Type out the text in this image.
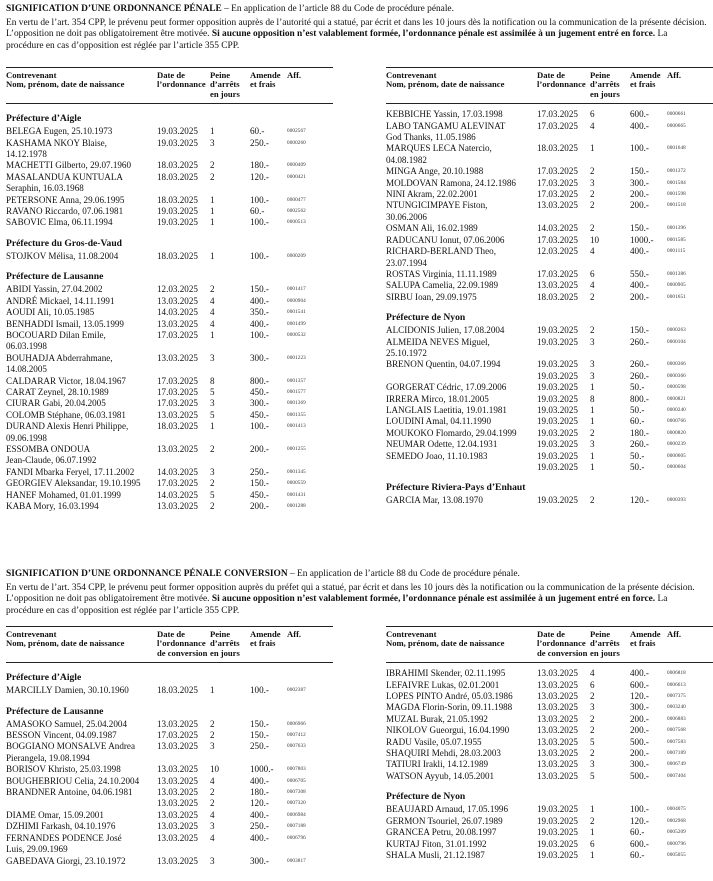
SIGNIFICATION D’UNE ORDONNANCE PÉNALE – En application de l’article 88 du Code de procédure pénale.

En vertu de l’art. 354 CPP, le prévenu peut former opposition auprès de l’autorité qui a statué, par écrit et dans les 10 jours dès la notification ou la communication de la présente décision. L’opposition ne doit pas obligatoirement être motivée. Si aucune opposition n’est valablement formée, l’ordonnance pénale est assimilée à un jugement entré en force. La procédure en cas d’opposition est réglée par l’article 355 CPP.

Contrevenant
Nom, prénom, date de naissance
Date de
l’ordonnance
Peine
d’arrêts
en jours
Amende
et frais
Aff.
Préfecture d’Aigle
BELEGA Eugen, 25.10.1973	19.03.2025	1	60.-	0002567
KASHAMA NKOY Blaise,
14.12.1978
19.03.2025	3	250.-	0000260
MACHETTI Gilberto, 29.07.1960	18.03.2025	2	180.-	0000409
MASALANDUA KUNTUALA
Seraphin, 16.03.1968
18.03.2025	2	120.-	0000421
PETERSONE Anna, 29.06.1995	18.03.2025	1	100.-	0000477
RAVANO Riccardo, 07.06.1981	19.03.2025	1	60.-	0002562
SABOVIC Elma, 06.11.1994	19.03.2025	1	100.-	0000513
Préfecture du Gros-de-Vaud
STOJKOV Mélisa, 11.08.2004	18.03.2025	1	100.-	0000209
Préfecture de Lausanne
ABIDI Yassin, 27.04.2002	12.03.2025	2	150.-	0001417
ANDRÉ Mickael, 14.11.1991	13.03.2025	4	400.-	0000904
AOUDI Ali, 10.05.1985	14.03.2025	4	350.-	0001541
BENHADDI Ismail, 13.05.1999	13.03.2025	4	400.-	0001499
BOCOUARD Dilan Emile,
06.03.1998
17.03.2025	1	100.-	0000532
BOUHADJA Abderrahmane,
14.08.2005
13.03.2025	3	300.-	0001223
CALDARAR Victor, 18.04.1967	17.03.2025	8	800.-	0001357
CARAT Zeynel, 28.10.1989	17.03.2025	5	450.-	0001577
CIURAR Gabi, 20.04.2005	17.03.2025	3	300.-	0001369
COLOMB Stéphane, 06.03.1981	13.03.2025	5	450.-	0001355
DURAND Alexis Henri Philippe,
09.06.1998
18.03.2025	1	100.-	0001413
ESSOMBA ONDOUA
Jean-Claude, 06.07.1992
13.03.2025	2	200.-	0001255
FANDI Mbarka Feryel, 17.11.2002	14.03.2025	3	250.-	0001345
GEORGIEV Aleksandar, 19.10.1995	17.03.2025	2	150.-	0000559
HANEF Mohamed, 01.01.1999	14.03.2025	5	450.-	0001431
KABA Mory, 16.03.1994	13.03.2025	2	200.-	0001288
Contrevenant
Nom, prénom, date de naissance
Date de
l’ordonnance
Peine
d’arrêts
en jours
Amende
et frais
Aff.
KEBBICHE Yassin, 17.03.1998	17.03.2025	6	600.-	0000661
LABO TANGAMU ALEVINAT
God Thanks, 11.05.1986
17.03.2025	4	400.-	0000665
MARQUES LECA Natercio,
04.08.1982
18.03.2025	1	100.-	0001648
MINGA Ange, 20.10.1988	17.03.2025	2	150.-	0001372
MOLDOVAN Ramona, 24.12.1986	17.03.2025	3	300.-	0001584
NINI Akram, 22.02.2001	17.03.2025	2	200.-	0001598
NTUNGICIMPAYE Fiston,
30.06.2006
13.03.2025	2	200.-	0001518
OSMAN Ali, 16.02.1989	14.03.2025	2	150.-	0001396
RADUCANU Ionut, 07.06.2006	17.03.2025	10	1000.-	0001585
RICHARD-BERLAND Theo,
23.07.1994
12.03.2025	4	400.-	0001115
ROSTAS Virginia, 11.11.1989	17.03.2025	6	550.-	0001386
SALUPA Camelia, 22.09.1989	13.03.2025	4	400.-	0000905
SIRBU Ioan, 29.09.1975	18.03.2025	2	200.-	0001651
Préfecture de Nyon
ALCIDONIS Julien, 17.08.2004	19.03.2025	2	150.-	0000263
ALMEIDA NEVES Miguel,
25.10.1972
19.03.2025	3	260.-	0000104
BRENON Quentin, 04.07.1994	19.03.2025	3	260.-	0000366
19.03.2025	3	260.-	0000366
GORGERAT Cédric, 17.09.2006	19.03.2025	1	50.-	0000598
IRRERA Mirco, 18.01.2005	19.03.2025	8	800.-	0000821
LANGLAIS Laetitia, 19.01.1981	19.03.2025	1	50.-	0000240
LOUDINI Amal, 04.11.1990	19.03.2025	1	60.-	0000766
MOUKOKO Flomardo, 29.04.1999	19.03.2025	2	180.-	0000820
NEUMAR Odette, 12.04.1931	19.03.2025	3	260.-	0000239
SEMEDO Joao, 11.10.1983	19.03.2025	1	50.-	0000605
19.03.2025	1	50.-	0000604
Préfecture Riviera-Pays d’Enhaut
GARCIA Mar, 13.08.1970	19.03.2025	2	120.-	0000393

SIGNIFICATION D’UNE ORDONNANCE PÉNALE CONVERSION – En application de l’article 88 du Code de procédure pénale.

En vertu de l’art. 354 CPP, le prévenu peut former opposition auprès du préfet qui a statué, par écrit et dans les 10 jours dès la notification ou la communication de la présente décision. L’opposition ne doit pas obligatoirement être motivée. Si aucune opposition n’est valablement formée, l’ordonnance pénale est assimilée à un jugement entré en force. La procédure en cas d’opposition est réglée par l’article 355 CPP.

Contrevenant
Nom, prénom, date de naissance
Date de
l’ordonnance
de conversion
Peine
d’arrêts
en jours
Amende
et frais
Aff.
Préfecture d’Aigle
MARCILLY Damien, 30.10.1960	18.03.2025	1	100.-	0002387
Préfecture de Lausanne
AMASOKO Samuel, 25.04.2004	13.03.2025	2	150.-	0006966
BESSON Vincent, 04.09.1987	17.03.2025	2	150.-	0007412
BOGGIANO MONSALVE Andrea
Pierangela, 19.08.1994
13.03.2025	3	250.-	0007633
BORISOV Khristo, 25.03.1998	13.03.2025	10	1000.-	0007803
BOUGHEBRIOU Celia, 24.10.2004	13.03.2025	4	400.-	0006705
BRANDNER Antoine, 04.06.1981	13.03.2025	2	180.-	0007308
13.03.2025	2	120.-	0007320
DIAME Omar, 15.09.2001	13.03.2025	4	400.-	0006984
DZHIMI Farkash, 04.10.1976	13.03.2025	3	250.-	0007188
FERNANDES PODENCE José
Luis, 29.09.1969
13.03.2025	4	400.-	0006796
GABEDAVA Giorgi, 23.10.1972	13.03.2025	3	300.-	0003817
Contrevenant
Nom, prénom, date de naissance
Date de
l’ordonnance
de conversion
Peine
d’arrêts
en jours
Amende
et frais
Aff.
IBRAHIMI Skender, 02.11.1995	13.03.2025	4	400.-	0006818
LEFAIVRE Lukas, 02.01.2001	13.03.2025	6	600.-	0006613
LOPES PINTO André, 05.03.1986	13.03.2025	2	120.-	0007375
MAGDA Florin-Sorin, 09.11.1988	13.03.2025	3	300.-	0003240
MUZAL Burak, 21.05.1992	13.03.2025	2	200.-	0006883
NIKOLOV Gueorgui, 16.04.1990	13.03.2025	2	200.-	0007568
RADU Vasile, 05.07.1955	13.03.2025	5	500.-	0007583
SHAQUIRI Mehdi, 28.03.2003	13.03.2025	2	200.-	0007189
TATIURI Irakli, 14.12.1989	13.03.2025	3	300.-	0006749
WATSON Ayyub, 14.05.2001	13.03.2025	5	500.-	0007404
Préfecture de Nyon
BEAUJARD Arnaud, 17.05.1996	19.03.2025	1	100.-	0004075
GERMON Tsouriel, 26.07.1989	19.03.2025	2	120.-	0002968
GRANCEA Petru, 20.08.1997	19.03.2025	1	60.-	0005209
KURTAJ Fiton, 31.01.1992	19.03.2025	6	600.-	0000796
SHALA Musli, 21.12.1987	19.03.2025	1	60.-	0005055
